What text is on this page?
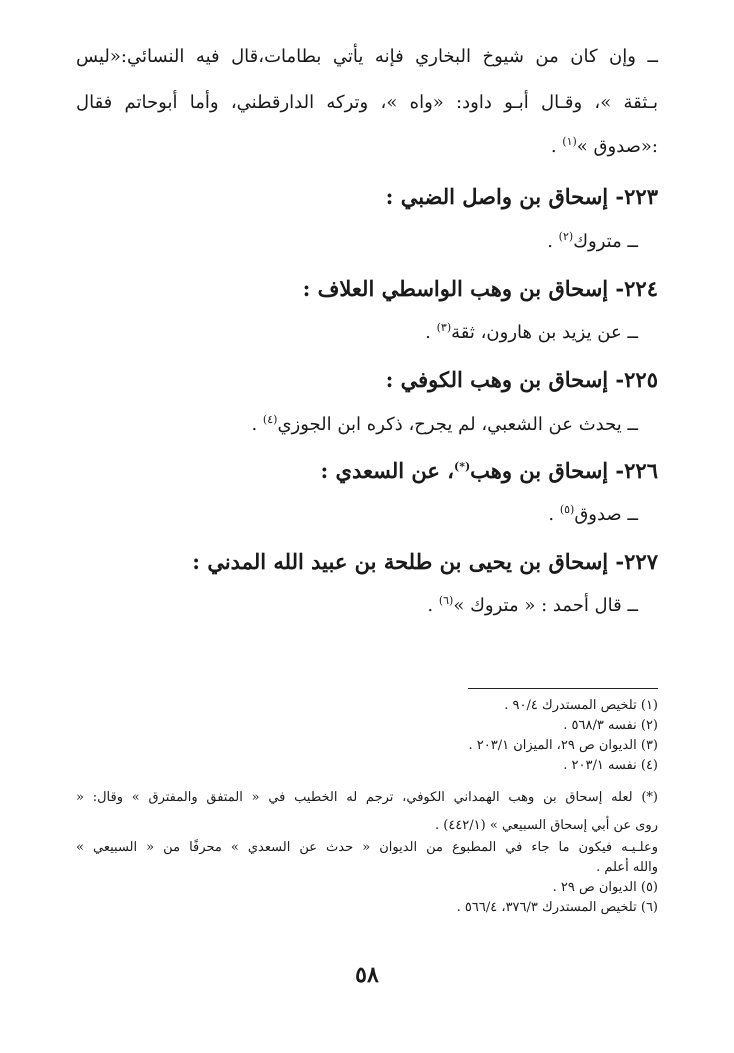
ــ وإن كان من شيوخ البخاري فإنه يأتي بطامات،قال فيه النسائي:«ليس
بـثقة »، وقـال أبـو داود: «واه »، وتركه الدارقطني، وأما أبوحاتم فقال
:«صدوق »$^{(١)}$ .
٢٢٣- إسحاق بن واصل الضبي :
ــ متروك$^{(٢)}$ .
٢٢٤- إسحاق بن وهب الواسطي العلاف :
ــ عن يزيد بن هارون، ثقة$^{(٣)}$ .
٢٢٥- إسحاق بن وهب الكوفي :
ــ يحدث عن الشعبي، لم يجرح، ذكره ابن الجوزي$^{(٤)}$ .
٢٢٦- إسحاق بن وهب(*)، عن السعدي :
ــ صدوق$^{(٥)}$ .
٢٢٧- إسحاق بن يحيى بن طلحة بن عبيد الله المدني :
ــ قال أحمد : « متروك »$^{(٦)}$ .
(١) تلخيص المستدرك ٩٠/٤ .
(٢) نفسه ٥٦٨/٣ .
(٣) الديوان ص ٢٩، الميزان ٢٠٣/١ .
(٤) نفسه ٢٠٣/١ .
(*) لعله إسحاق بن وهب الهمداني الكوفي، ترجم له الخطيب في « المتفق والمفترق » وقال: «
روى عن أبي إسحاق السبيعي » (٤٤٢/١) .
وعلـيـه فيكون ما جاء في المطبوع من الديوان « حدث عن السعدي » محرفًا من « السبيعي »
والله أعلم .
(٥) الديوان ص ٢٩ .
(٦) تلخيص المستدرك ٣٧٦/٣، ٥٦٦/٤ .
٥٨
